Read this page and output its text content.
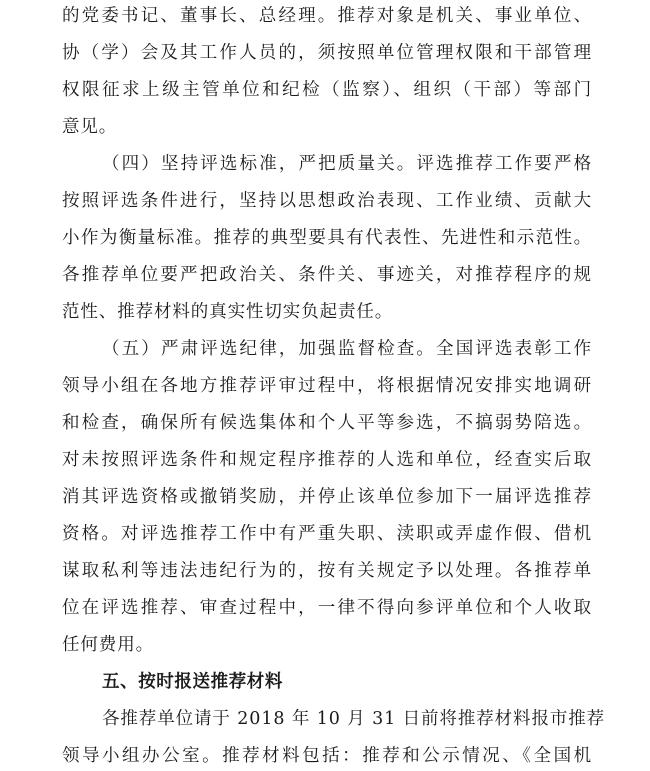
的党委书记、董事长、总经理。推荐对象是机关、事业单位、
协（学）会及其工作人员的，须按照单位管理权限和干部管理
权限征求上级主管单位和纪检（监察）、组织（干部）等部门
意见。
（四）坚持评选标准，严把质量关。评选推荐工作要严格
按照评选条件进行，坚持以思想政治表现、工作业绩、贡献大
小作为衡量标准。推荐的典型要具有代表性、先进性和示范性。
各推荐单位要严把政治关、条件关、事迹关，对推荐程序的规
范性、推荐材料的真实性切实负起责任。
（五）严肃评选纪律，加强监督检查。全国评选表彰工作
领导小组在各地方推荐评审过程中，将根据情况安排实地调研
和检查，确保所有候选集体和个人平等参选，不搞弱势陪选。
对未按照评选条件和规定程序推荐的人选和单位，经查实后取
消其评选资格或撤销奖励，并停止该单位参加下一届评选推荐
资格。对评选推荐工作中有严重失职、渎职或弄虚作假、借机
谋取私利等违法违纪行为的，按有关规定予以处理。各推荐单
位在评选推荐、审查过程中，一律不得向参评单位和个人收取
任何费用。
五、按时报送推荐材料
各推荐单位请于 2018 年 10 月 31 日前将推荐材料报市推荐
领导小组办公室。推荐材料包括：推荐和公示情况、《全国机
